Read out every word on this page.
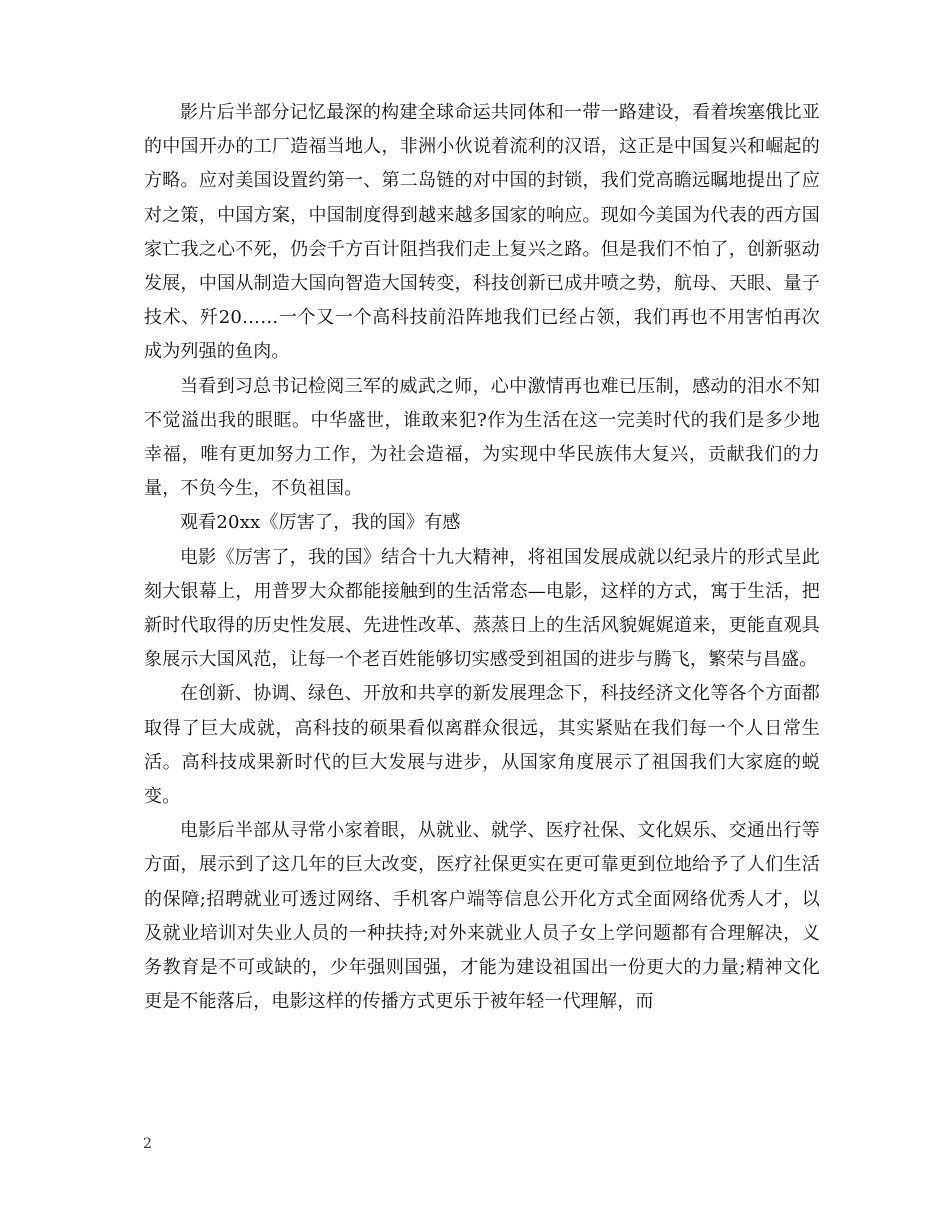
影片后半部分记忆最深的构建全球命运共同体和一带一路建设，看着埃塞俄比亚的中国开办的工厂造福当地人，非洲小伙说着流利的汉语，这正是中国复兴和崛起的方略。应对美国设置约第一、第二岛链的对中国的封锁，我们党高瞻远瞩地提出了应对之策，中国方案，中国制度得到越来越多国家的响应。现如今美国为代表的西方国家亡我之心不死，仍会千方百计阻挡我们走上复兴之路。但是我们不怕了，创新驱动发展，中国从制造大国向智造大国转变，科技创新已成井喷之势，航母、天眼、量子技术、歼20……一个又一个高科技前沿阵地我们已经占领，我们再也不用害怕再次成为列强的鱼肉。

当看到习总书记检阅三军的威武之师，心中激情再也难已压制，感动的泪水不知不觉溢出我的眼眶。中华盛世，谁敢来犯?作为生活在这一完美时代的我们是多少地幸福，唯有更加努力工作，为社会造福，为实现中华民族伟大复兴，贡献我们的力量，不负今生，不负祖国。

观看20xx《厉害了，我的国》有感

电影《厉害了，我的国》结合十九大精神，将祖国发展成就以纪录片的形式呈此刻大银幕上，用普罗大众都能接触到的生活常态—电影，这样的方式，寓于生活，把新时代取得的历史性发展、先进性改革、蒸蒸日上的生活风貌娓娓道来，更能直观具象展示大国风范，让每一个老百姓能够切实感受到祖国的进步与腾飞，繁荣与昌盛。

在创新、协调、绿色、开放和共享的新发展理念下，科技经济文化等各个方面都取得了巨大成就，高科技的硕果看似离群众很远，其实紧贴在我们每一个人日常生活。高科技成果新时代的巨大发展与进步，从国家角度展示了祖国我们大家庭的蜕变。

电影后半部从寻常小家着眼，从就业、就学、医疗社保、文化娱乐、交通出行等方面，展示到了这几年的巨大改变，医疗社保更实在更可靠更到位地给予了人们生活的保障;招聘就业可透过网络、手机客户端等信息公开化方式全面网络优秀人才，以及就业培训对失业人员的一种扶持;对外来就业人员子女上学问题都有合理解决，义务教育是不可或缺的，少年强则国强，才能为建设祖国出一份更大的力量;精神文化更是不能落后，电影这样的传播方式更乐于被年轻一代理解，而

2
